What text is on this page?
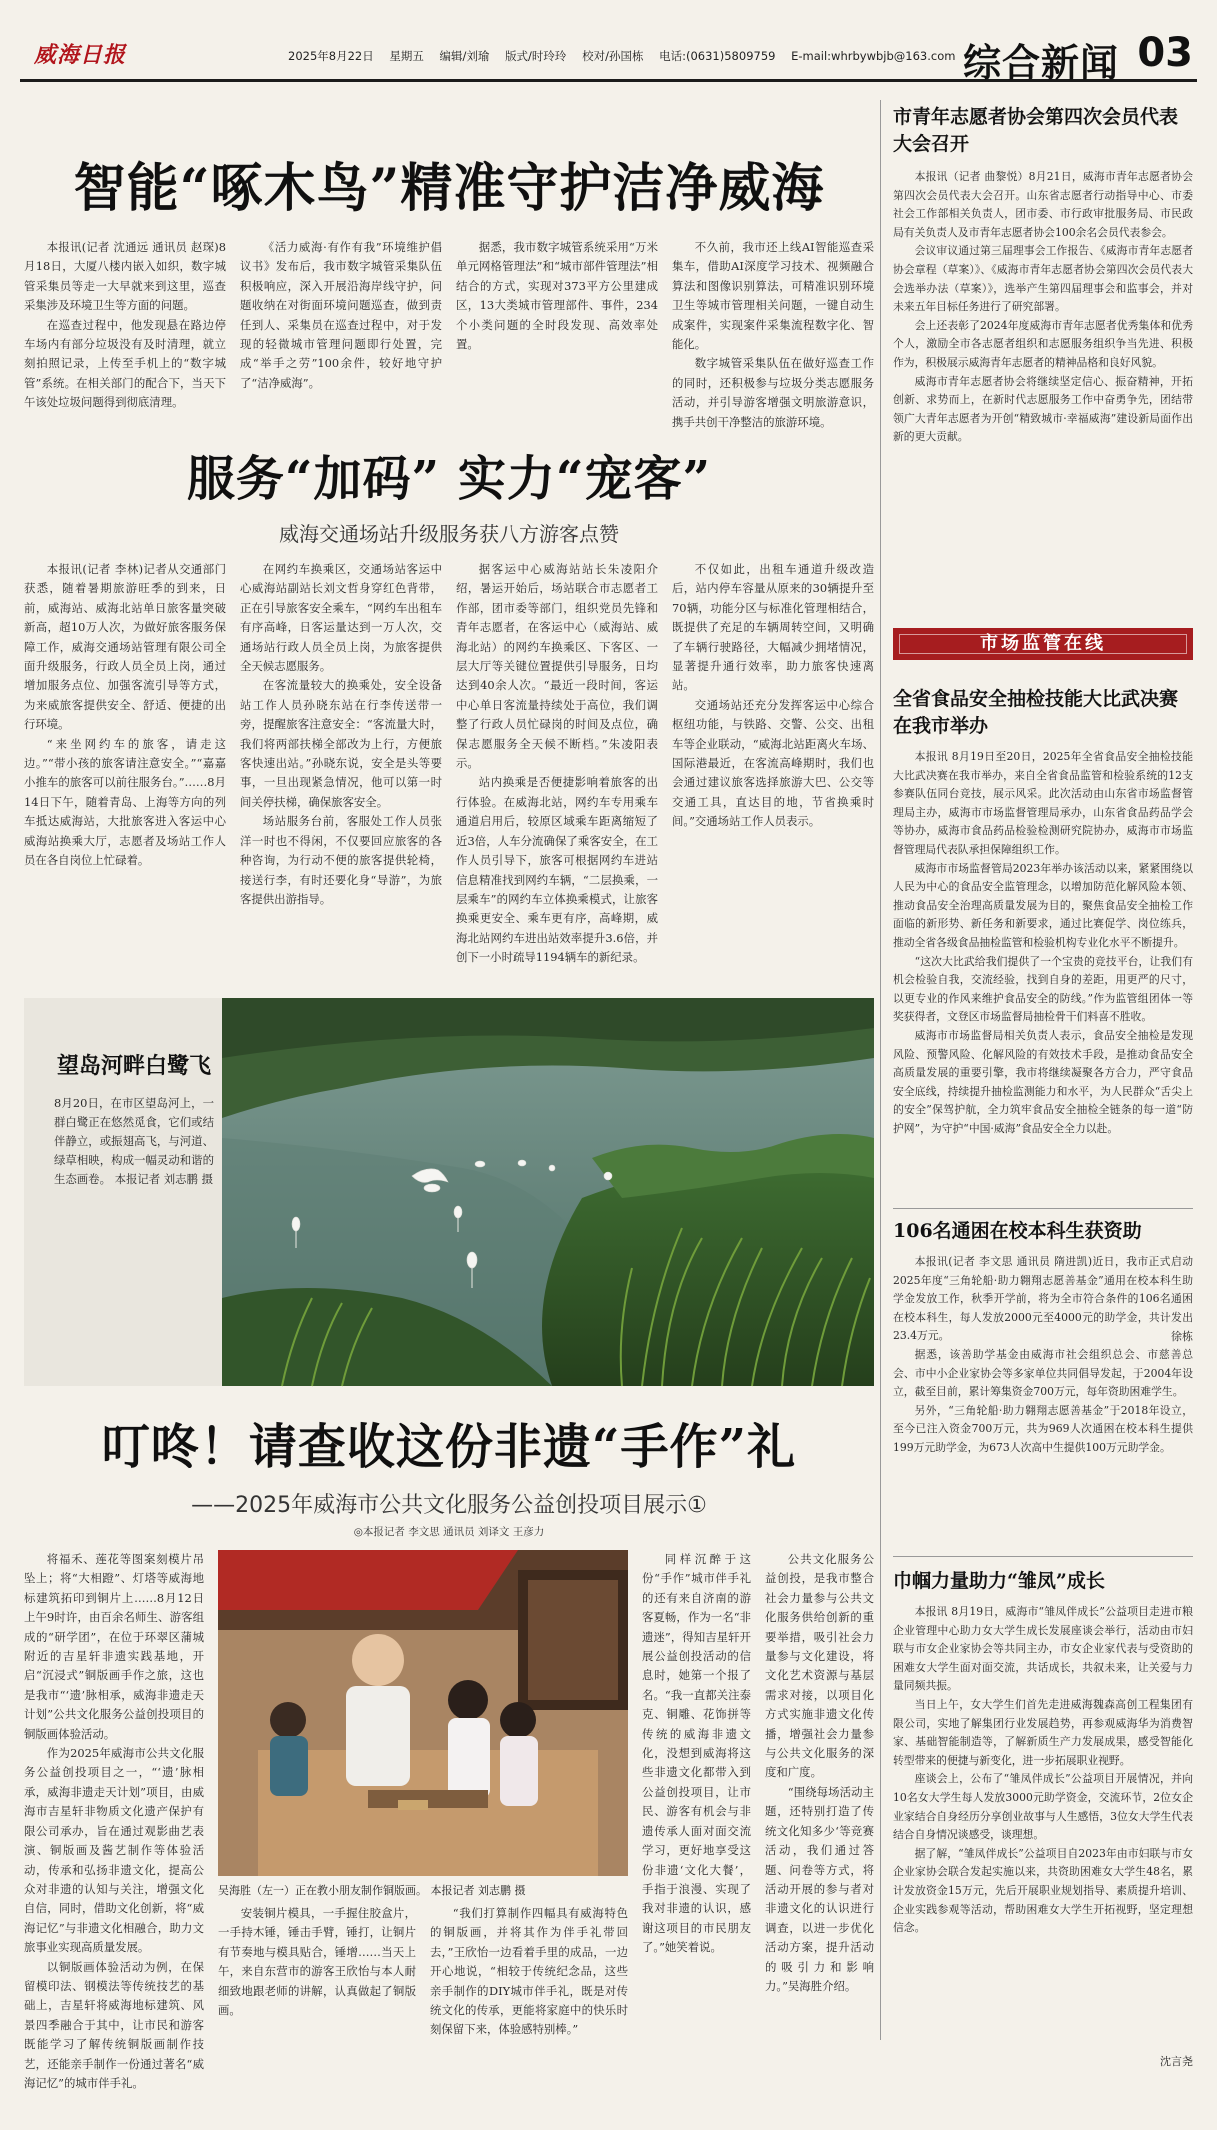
威海日报	2025年8月22日 星期五 编辑/刘瑜 版式/时玲玲 校对/孙国栋 电话:(0631)5809759 E-mail:whrbywbjb@163.com 综合新闻 03
智能“啄木鸟”精准守护洁净威海

本报讯(记者 沈通远 通讯员 赵琛)8月18日，大厦八楼内嵌入如织，数字城管采集员等走一大早就来到这里，巡查采集涉及环境卫生等方面的问题。

在巡查过程中，他发现悬在路边停车场内有部分垃圾没有及时清理，就立刻拍照记录，上传至手机上的“数字城管”系统。在相关部门的配合下，当天下午该处垃圾问题得到彻底清理。

《活力威海·有作有我”环境维护倡议书》发布后，我市数字城管采集队伍积极响应，深入开展沿海岸线守护，问题收纳在对街面环境问题巡查，做到责任到人、采集员在巡查过程中，对于发现的轻微城市管理问题即行处置，完成“举手之劳”100余件，较好地守护了“洁净威海”。

据悉，我市数字城管系统采用“万米单元网格管理法”和“城市部件管理法”相结合的方式，实现对373平方公里建成区，13大类城市管理部件、事件，234个小类问题的全时段发现、高效率处置。

不久前，我市还上线AI智能巡查采集车，借助AI深度学习技术、视频融合算法和图像识别算法，可精准识别环境卫生等城市管理相关问题，一键自动生成案件，实现案件采集流程数字化、智能化。

数字城管采集队伍在做好巡查工作的同时，还积极参与垃圾分类志愿服务活动，并引导游客增强文明旅游意识，携手共创干净整洁的旅游环境。

服务“加码” 实力“宠客”
威海交通场站升级服务获八方游客点赞

本报讯(记者 李林)记者从交通部门获悉，随着暑期旅游旺季的到来，日前，威海站、威海北站单日旅客量突破新高，超10万人次，为做好旅客服务保障工作，威海交通场站管理有限公司全面升级服务，行政人员全员上岗，通过增加服务点位、加强客流引导等方式，为来威旅客提供安全、舒适、便捷的出行环境。

“来坐网约车的旅客，请走这边。”“带小孩的旅客请注意安全。”“嘉嘉小推车的旅客可以前往服务台。”……8月14日下午，随着青岛、上海等方向的列车抵达威海站，大批旅客进入客运中心威海站换乘大厅，志愿者及场站工作人员在各自岗位上忙碌着。

在网约车换乘区，交通场站客运中心威海站副站长刘文哲身穿红色背带，正在引导旅客安全乘车，“网约车出租车有序高峰，日客运量达到一万人次，交通场站行政人员全员上岗，为旅客提供全天候志愿服务。

在客流量较大的换乘处，安全设备站工作人员孙晓东站在行李传送带一旁，提醒旅客注意安全：“客流量大时，我们将两部扶梯全部改为上行，方便旅客快速出站。”孙晓东说，安全是头等要事，一旦出现紧急情况，他可以第一时间关停扶梯，确保旅客安全。

场站服务台前，客服处工作人员张洋一时也不得闲，不仅要回应旅客的各种咨询，为行动不便的旅客提供轮椅，接送行李，有时还要化身“导游”，为旅客提供出游指导。

据客运中心威海站站长朱凌阳介绍，暑运开始后，场站联合市志愿者工作部，团市委等部门，组织党员先锋和青年志愿者，在客运中心（威海站、威海北站）的网约车换乘区、下客区、一层大厅等关键位置提供引导服务，日均达到40余人次。“最近一段时间，客运中心单日客流量持续处于高位，我们调整了行政人员忙碌岗的时间及点位，确保志愿服务全天候不断档。”朱凌阳表示。

站内换乘是否便捷影响着旅客的出行体验。在威海北站，网约车专用乘车通道启用后，较原区域乘车距离缩短了近3倍，人车分流确保了乘客安全，在工作人员引导下，旅客可根据网约车进站信息精准找到网约车辆，“二层换乘，一层乘车”的网约车立体换乘模式，让旅客换乘更安全、乘车更有序，高峰期，威海北站网约车进出站效率提升3.6倍，并创下一小时疏导1194辆车的新纪录。

不仅如此，出租车通道升级改造后，站内停车容量从原来的30辆提升至70辆，功能分区与标准化管理相结合，既提供了充足的车辆周转空间，又明确了车辆行驶路径，大幅减少拥堵情况，显著提升通行效率，助力旅客快速离站。

交通场站还充分发挥客运中心综合枢纽功能，与铁路、交警、公交、出租车等企业联动，“威海北站距离火车场、国际港最近，在客流高峰期时，我们也会通过建议旅客选择旅游大巴、公交等交通工具，直达目的地，节省换乘时间。”交通场站工作人员表示。

望岛河畔白鹭飞
8月20日，在市区望岛河上，一群白鹭正在悠然觅食，它们或结伴静立，或振翅高飞，与河道、绿草相映，构成一幅灵动和谐的生态画卷。 本报记者 刘志鹏 摄
叮咚！请查收这份非遗“手作”礼
——2025年威海市公共文化服务公益创投项目展示①
◎本报记者 李文思 通讯员 刘译文 王彦力

将福禾、莲花等图案刻模片吊坠上；将“大相蹬”、灯塔等威海地标建筑拓印到铜片上……8月12日上午9时许，由百余名师生、游客组成的“研学团”，在位于环翠区蒲城附近的吉星轩非遗实践基地，开启“沉浸式”铜版画手作之旅，这也是我市“‘遗’脉相承，威海非遗走天计划”公共文化服务公益创投项目的铜版画体验活动。

作为2025年威海市公共文化服务公益创投项目之一，“‘遗’脉相承，威海非遗走天计划”项目，由威海市吉星轩非物质文化遗产保护有限公司承办，旨在通过观影曲艺表演、铜版画及酱艺制作等体验活动，传承和弘扬非遗文化，提高公众对非遗的认知与关注，增强文化自信，同时，借助文化创新，将“威海记忆”与非遗文化相融合，助力文旅事业实现高质量发展。

以铜版画体验活动为例，在保留模印法、钢模法等传统技艺的基础上，吉星轩将威海地标建筑、风景四季融合于其中，让市民和游客既能学习了解传统铜版画制作技艺，还能亲手制作一份通过著名“威海记忆”的城市伴手礼。

吴海胜（左一）正在教小朋友制作铜版画。 本报记者 刘志鹏 摄

安装铜片模具，一手握住胶盒片，一手持木锤，锤击手臂，锤打，让铜片有节奏地与模具贴合，锤增……当天上午，来自东营市的游客王欣怡与本人耐细致地跟老师的讲解，认真做起了铜版画。

“我们打算制作四幅具有威海特色的铜版画，并将其作为伴手礼带回去，”王欣怡一边看着手里的成品，一边开心地说，“相较于传统纪念品，这些亲手制作的DIY城市伴手礼，既是对传统文化的传承，更能将家庭中的快乐时刻保留下来，体验感特别棒。”

同样沉醉于这份“手作”城市伴手礼的还有来自济南的游客夏畅，作为一名“非遗迷”，得知吉星轩开展公益创投活动的信息时，她第一个报了名。“我一直都关注泰克、铜雕、花饰拼等传统的威海非遗文化，没想到威海将这些非遗文化都带入到公益创投项目，让市民、游客有机会与非遗传承人面对面交流学习，更好地享受这份非遗‘文化大餐’，手指于浪漫、实现了我对非遗的认识，感谢这项目的市民朋友了。”她笑着说。

公共文化服务公益创投，是我市整合社会力量参与公共文化服务供给创新的重要举措，吸引社会力量参与文化建设，将文化艺术资源与基层需求对接，以项目化方式实施非遗文化传播，增强社会力量参与公共文化服务的深度和广度。

“围绕每场活动主题，还特别打造了传统文化知多少‘等竞赛活动，我们通过答题、问卷等方式，将活动开展的参与者对非遗文化的认识进行调查，以进一步优化活动方案，提升活动的吸引力和影响力。”吴海胜介绍。

市青年志愿者协会第四次会员代表大会召开

本报讯（记者 曲黎悦）8月21日，威海市青年志愿者协会第四次会员代表大会召开。山东省志愿者行动指导中心、市委社会工作部相关负责人，团市委、市行政审批服务局、市民政局有关负责人及市青年志愿者协会100余名会员代表参会。

会议审议通过第三届理事会工作报告、《威海市青年志愿者协会章程（草案）》、《威海市青年志愿者协会第四次会员代表大会选举办法（草案）》，选举产生第四届理事会和监事会，并对未来五年目标任务进行了研究部署。

会上还表彰了2024年度威海市青年志愿者优秀集体和优秀个人，激励全市各志愿者组织和志愿服务组织争当先进、积极作为，积极展示威海青年志愿者的精神品格和良好风貌。

威海市青年志愿者协会将继续坚定信心、振奋精神，开拓创新、求势而上，在新时代志愿服务工作中奋勇争先，团结带领广大青年志愿者为开创“精致城市·幸福威海”建设新局面作出新的更大贡献。

市场监管在线
全省食品安全抽检技能大比武决赛在我市举办

本报讯 8月19日至20日，2025年全省食品安全抽检技能大比武决赛在我市举办，来自全省食品监管和检验系统的12支参赛队伍同台竞技，展示风采。此次活动由山东省市场监督管理局主办，威海市市场监督管理局承办，山东省食品药品学会等协办，威海市食品药品检验检测研究院协办，威海市市场监督管理局代表队承担保障组织工作。

威海市市场监督管局2023年举办该活动以来，紧紧围绕以人民为中心的食品安全监管理念，以增加防范化解风险本领、推动食品安全治理高质量发展为目的，聚焦食品安全抽检工作面临的新形势、新任务和新要求，通过比赛促学、岗位练兵，推动全省各级食品抽检监管和检验机构专业化水平不断提升。

“这次大比武给我们提供了一个宝贵的竞技平台，让我们有机会检验自我，交流经验，找到自身的差距，用更严的尺寸，以更专业的作风来维护食品安全的防线。”作为监管组团体一等奖获得者，文登区市场监督局抽检骨干们料喜不胜收。

威海市市场监督局相关负责人表示，食品安全抽检是发现风险、预警风险、化解风险的有效技术手段，是推动食品安全高质量发展的重要引擎，我市将继续凝聚各方合力，严守食品安全底线，持续提升抽检监测能力和水平，为人民群众“舌尖上的安全”保驾护航，全力筑牢食品安全抽检全链条的每一道“防护网”，为守护“中国·威海”食品安全全力以赴。

徐栋
106名通困在校本科生获资助

本报讯(记者 李文思 通讯员 隋进凯)近日，我市正式启动2025年度“三角轮船·助力翱翔志愿善基金”通用在校本科生助学金发放工作，秋季开学前，将为全市符合条件的106名通困在校本科生，每人发放2000元至4000元的助学金，共计发出23.4万元。

据悉，该善助学基金由威海市社会组织总会、市慈善总会、市中小企业家协会等多家单位共同倡导发起，于2004年设立，截至目前，累计筹集资金700万元，每年资助困难学生。

另外，“三角轮船·助力翱翔志愿善基金”于2018年设立，至今已注入资金700万元，共为969人次通困在校本科生提供199万元助学金，为673人次高中生提供100万元助学金。

巾帼力量助力“雏凤”成长

本报讯 8月19日，威海市“雏凤伴成长”公益项目走进市粮企业管理中心助力女大学生成长发展座谈会举行，活动由市妇联与市女企业家协会等共同主办，市女企业家代表与受资助的困难女大学生面对面交流，共话成长，共叙未来，让关爱与力量同频共振。

当日上午，女大学生们首先走进威海魏森高创工程集团有限公司，实地了解集团行业发展趋势，再参观威海华为消费智家、基础智能制造等，了解新质生产力发展成果，感受智能化转型带来的便捷与新变化，进一步拓展职业视野。

座谈会上，公布了“雏凤伴成长”公益项目开展情况，并向10名女大学生每人发放3000元助学资金，交流环节，2位女企业家结合自身经历分享创业故事与人生感悟，3位女大学生代表结合自身情况谈感受，谈理想。

据了解，“雏凤伴成长”公益项目自2023年由市妇联与市女企业家协会联合发起实施以来，共资助困难女大学生48名，累计发放资金15万元，先后开展职业规划指导、素质提升培训、企业实践参观等活动，帮助困难女大学生开拓视野，坚定理想信念。

沈言尧
